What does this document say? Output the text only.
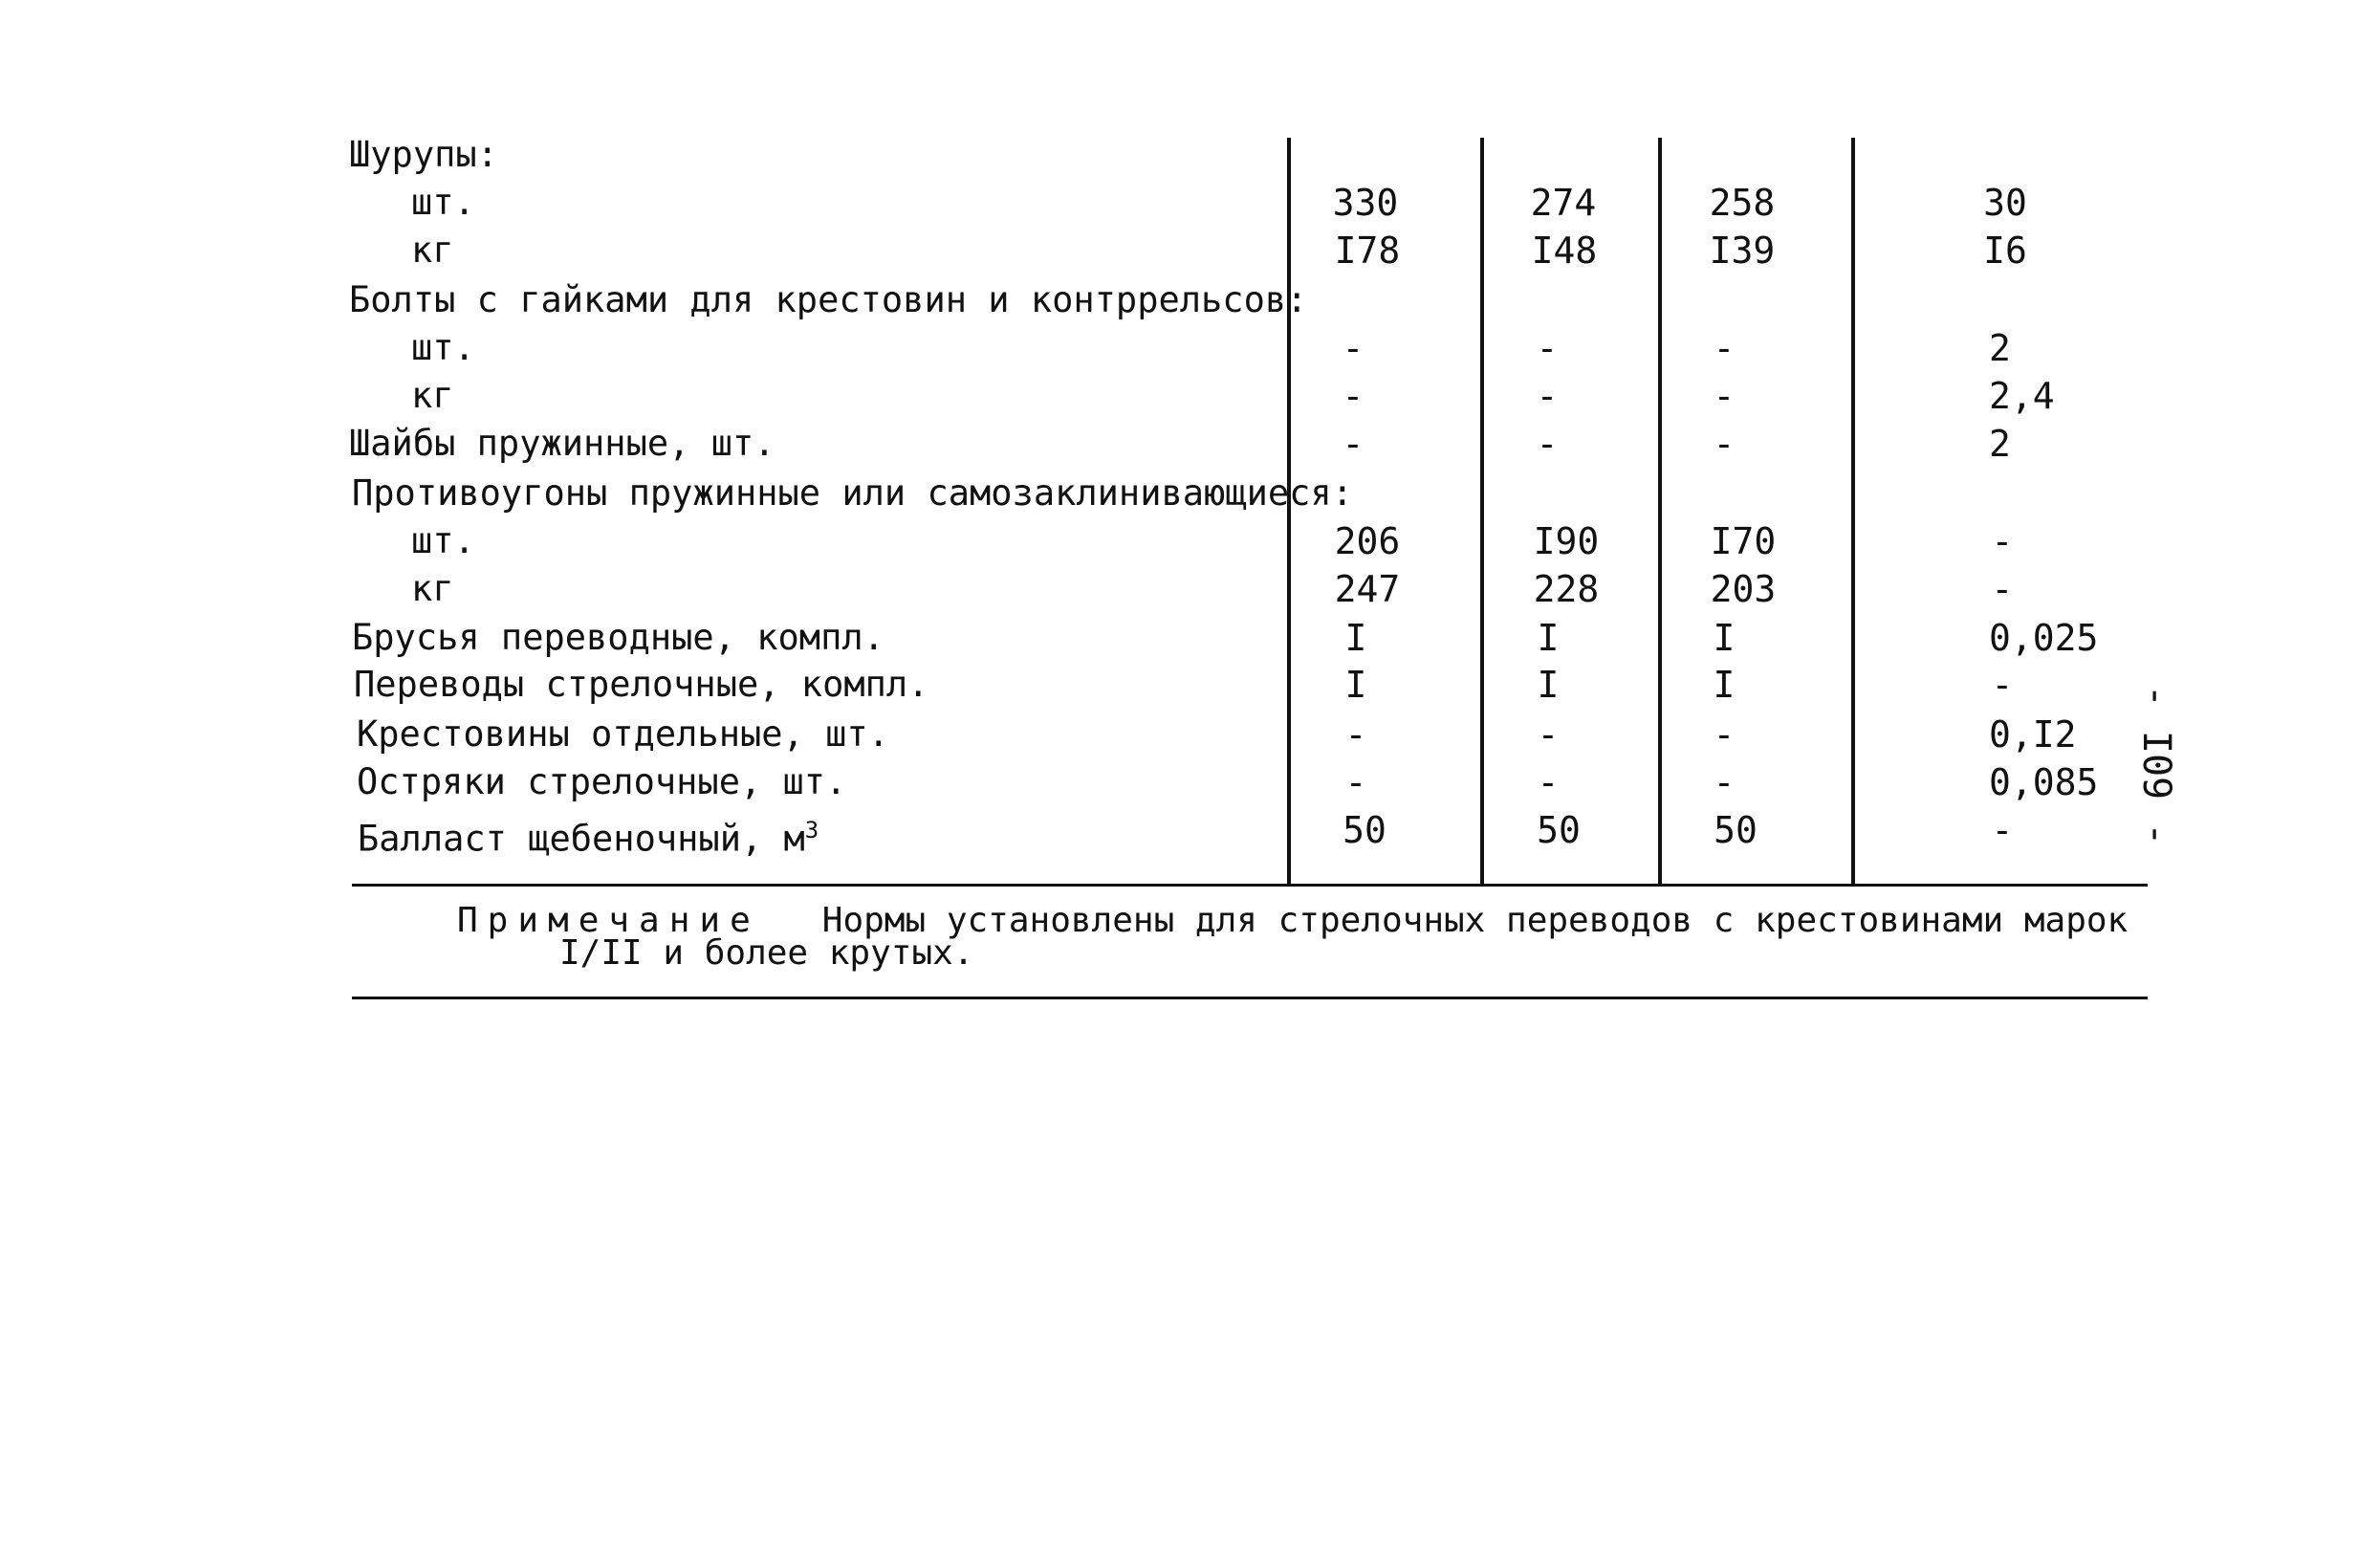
Шурупы:
шт.	330	274	258	30
кг	I78	I48	I39	I6
Болты с гайками для крестовин и контррельсов:
шт.	-	-	-	2
кг	-	-	-	2,4
Шайбы пружинные, шт.	-	-	-	2
Противоугоны пружинные или самозаклинивающиеся:
шт.	206	I90	I70	-
кг	247	228	203	-
Брусья переводные, компл.	I	I	I	0,025
Переводы стрелочные, компл.	I	I	I	-
Крестовины отдельные, шт.	-	-	-	0,I2
Остряки стрелочные, шт.	-	-	-	0,085
Балласт щебеночный, $м^3$	50	50	50	-
Примечание Нормы установлены для стрелочных переводов с крестовинами марок
I/II и более крутых.
- I09 -
